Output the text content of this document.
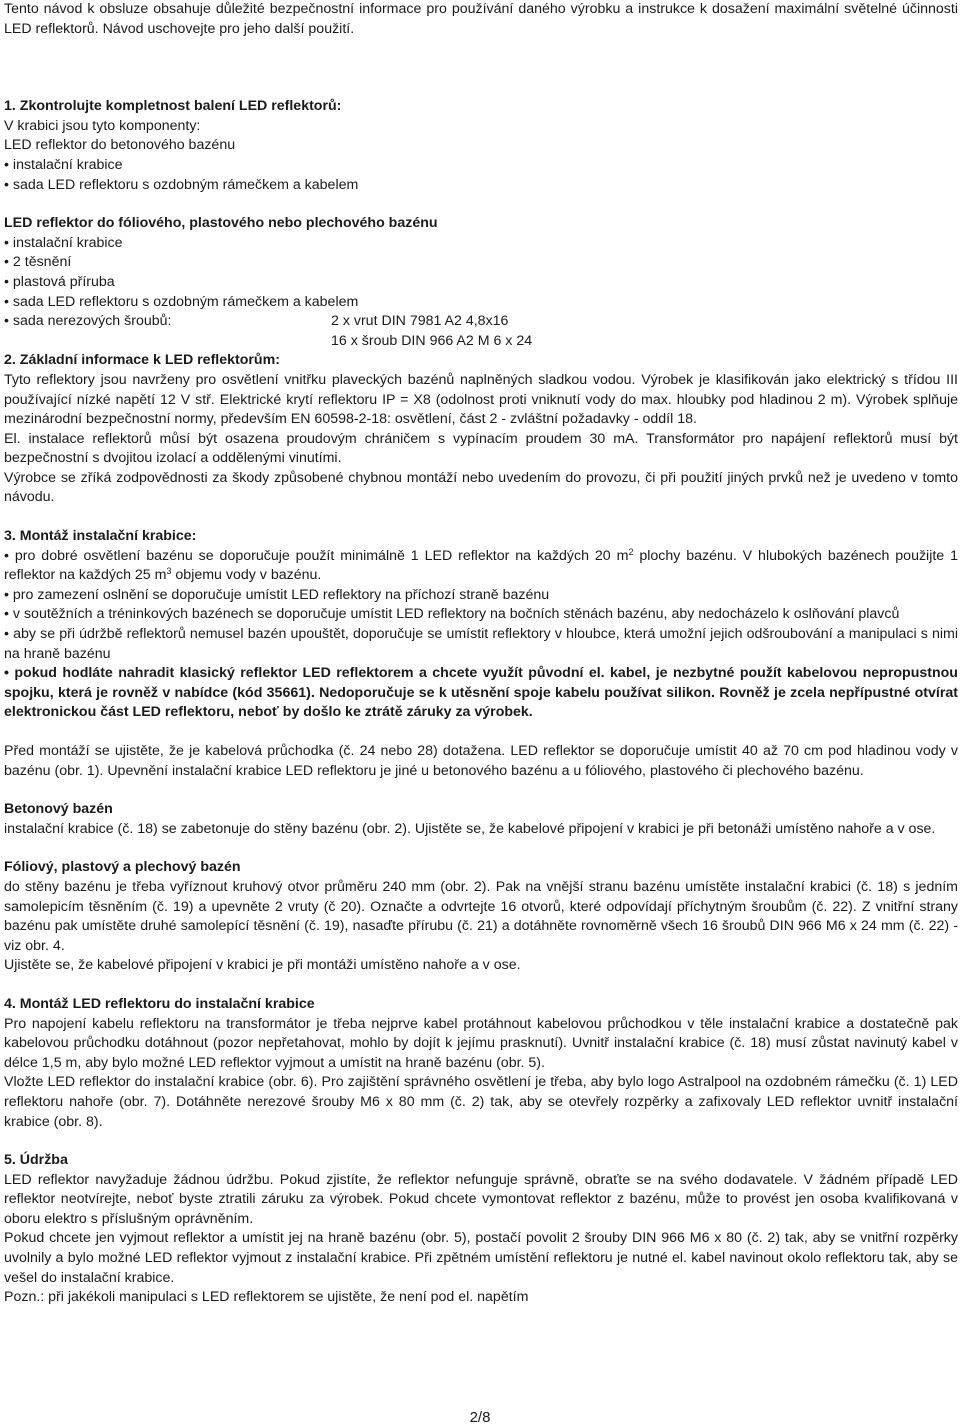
Tento návod k obsluze obsahuje důležité bezpečnostní informace pro používání daného výrobku a instrukce k dosažení maximální světelné účinnosti LED reflektorů. Návod uschovejte pro jeho další použití.

1. Zkontrolujte kompletnost balení LED reflektorů:

V krabici jsou tyto komponenty:

LED reflektor do betonového bazénu

• instalační krabice

• sada LED reflektoru s ozdobným rámečkem a kabelem

LED reflektor do fóliového, plastového nebo plechového bazénu

• instalační krabice

• 2 těsnění

• plastová příruba

• sada LED reflektoru s ozdobným rámečkem a kabelem

• sada nerezových šroubů:	2 x vrut DIN 7981 A2 4,8x16

16 x šroub DIN 966 A2 M 6 x 24

2. Základní informace k LED reflektorům:

Tyto reflektory jsou navrženy pro osvětlení vnitřku plaveckých bazénů naplněných sladkou vodou. Výrobek je klasifikován jako elektrický s třídou III používající nízké napětí 12 V stř. Elektrické krytí reflektoru IP = X8 (odolnost proti vniknutí vody do max. hloubky pod hladinou 2 m). Výrobek splňuje mezinárodní bezpečnostní normy, především EN 60598-2-18: osvětlení, část 2 - zvláštní požadavky - oddíl 18.

El. instalace reflektorů můsí být osazena proudovým chráničem s vypínacím proudem 30 mA. Transformátor pro napájení reflektorů musí být bezpečnostní s dvojitou izolací a oddělenými vinutími.

Výrobce se zříká zodpovědnosti za škody způsobené chybnou montáží nebo uvedením do provozu, či při použití jiných prvků než je uvedeno v tomto návodu.

3. Montáž instalační krabice:

• pro dobré osvětlení bazénu se doporučuje použít minimálně 1 LED reflektor na každých 20 $m^2$ plochy bazénu. V hlubokých bazénech použijte 1 reflektor na každých 25 $m^3$ objemu vody v bazénu.

• pro zamezení oslnění se doporučuje umístit LED reflektory na příchozí straně bazénu

• v soutěžních a tréninkových bazénech se doporučuje umístit LED reflektory na bočních stěnách bazénu, aby nedocházelo k oslňování plavců

• aby se při údržbě reflektorů nemusel bazén upouštět, doporučuje se umístit reflektory v hloubce, která umožní jejich odšroubování a manipulaci s nimi na hraně bazénu

• pokud hodláte nahradit klasický reflektor LED reflektorem a chcete využít původní el. kabel, je nezbytné použít kabelovou nepropustnou spojku, která je rovněž v nabídce (kód 35661). Nedoporučuje se k utěsnění spoje kabelu používat silikon. Rovněž je zcela nepřípustné otvírat elektronickou část LED reflektoru, neboť by došlo ke ztrátě záruky za výrobek.

Před montáží se ujistěte, že je kabelová průchodka (č. 24 nebo 28) dotažena. LED reflektor se doporučuje umístit 40 až 70 cm pod hladinou vody v bazénu (obr. 1). Upevnění instalační krabice LED reflektoru je jiné u betonového bazénu a u fóliového, plastového či plechového bazénu.

Betonový bazén

instalační krabice (č. 18) se zabetonuje do stěny bazénu (obr. 2). Ujistěte se, že kabelové připojení v krabici je při betonáži umístěno nahoře a v ose.

Fóliový, plastový a plechový bazén

do stěny bazénu je třeba vyříznout kruhový otvor průměru 240 mm (obr. 2). Pak na vnější stranu bazénu umístěte instalační krabici (č. 18) s jedním samolepicím těsněním (č. 19) a upevněte 2 vruty (č 20). Označte a odvrtejte 16 otvorů, které odpovídají příchytným šroubům (č. 22). Z vnitřní strany bazénu pak umístěte druhé samolepící těsnění (č. 19), nasaďte přírubu (č. 21) a dotáhněte rovnoměrně všech 16 šroubů DIN 966 M6 x 24 mm (č. 22) - viz obr. 4.

Ujistěte se, že kabelové připojení v krabici je při montáži umístěno nahoře a v ose.

4. Montáž LED reflektoru do instalační krabice

Pro napojení kabelu reflektoru na transformátor je třeba nejprve kabel protáhnout kabelovou průchodkou v těle instalační krabice a dostatečně pak kabelovou průchodku dotáhnout (pozor nepřetahovat, mohlo by dojít k jejímu prasknutí). Uvnitř instalační krabice (č. 18) musí zůstat navinutý kabel v délce 1,5 m, aby bylo možné LED reflektor vyjmout a umístit na hraně bazénu (obr. 5).

Vložte LED reflektor do instalační krabice (obr. 6). Pro zajištění správného osvětlení je třeba, aby bylo logo Astralpool na ozdobném rámečku (č. 1) LED reflektoru nahoře (obr. 7). Dotáhněte nerezové šrouby M6 x 80 mm (č. 2) tak, aby se otevřely rozpěrky a zafixovaly LED reflektor uvnitř instalační krabice (obr. 8).

5. Údržba

LED reflektor navyžaduje žádnou údržbu. Pokud zjistíte, že reflektor nefunguje správně, obraťte se na svého dodavatele. V žádném případě LED reflektor neotvírejte, neboť byste ztratili záruku za výrobek. Pokud chcete vymontovat reflektor z bazénu, může to provést jen osoba kvalifikovaná v oboru elektro s příslušným oprávněním.

Pokud chcete jen vyjmout reflektor a umístit jej na hraně bazénu (obr. 5), postačí povolit 2 šrouby DIN 966 M6 x 80 (č. 2) tak, aby se vnitřní rozpěrky uvolnily a bylo možné LED reflektor vyjmout z instalační krabice. Při zpětném umístění reflektoru je nutné el. kabel navinout okolo reflektoru tak, aby se vešel do instalační krabice.

Pozn.: při jakékoli manipulaci s LED reflektorem se ujistěte, že není pod el. napětím

2/8
